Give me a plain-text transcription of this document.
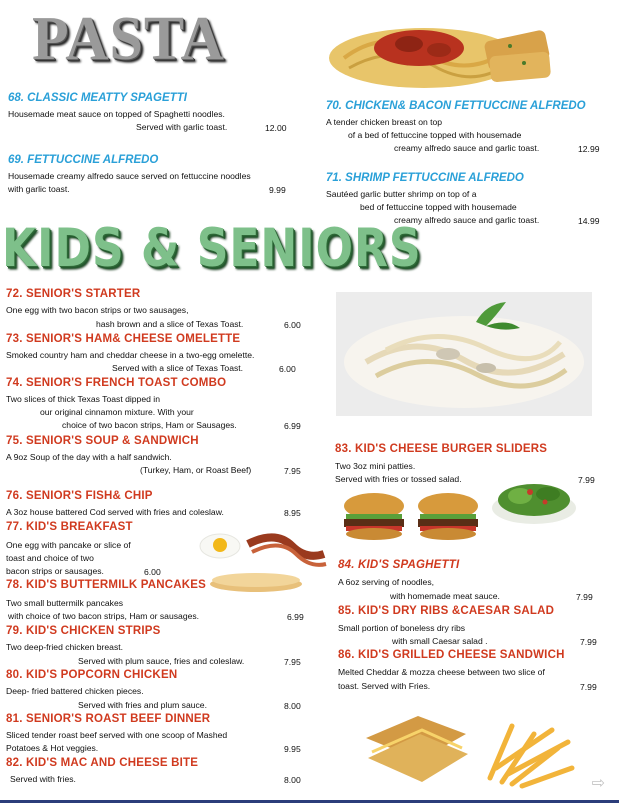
PASTA
KIDS & SENIORS
68. CLASSIC MEATTY SPAGETTI
Housemade meat sauce on topped of Spaghetti noodles.
Served with garlic toast.	12.00
69. FETTUCCINE ALFREDO
Housemade creamy alfredo sauce served on fettuccine noodles
with garlic toast.	9.99
70. CHICKEN& BACON FETTUCCINE ALFREDO
A tender chicken breast on top
of a bed of fettuccine topped with housemade
creamy alfredo sauce and garlic toast.	12.99
71. SHRIMP FETTUCCINE ALFREDO
Sautéed garlic butter shrimp on top of a
bed of fettuccine topped with housemade
creamy alfredo sauce and garlic toast.	14.99
72. SENIOR'S STARTER
One egg with two bacon strips or two sausages,
hash brown and a slice of Texas Toast.	6.00
73. SENIOR'S HAM& CHEESE OMELETTE
Smoked country ham and cheddar cheese in a two-egg omelette.
Served with a slice of Texas Toast.	6.00
74. SENIOR'S FRENCH TOAST COMBO
Two slices of thick Texas Toast dipped in
our original cinnamon mixture. With your
choice of two bacon strips, Ham or Sausages.	6.99
75. SENIOR'S SOUP & SANDWICH
A 9oz Soup of the day with a half sandwich.
(Turkey, Ham, or Roast Beef)	7.95
76. SENIOR'S FISH& CHIP
A 3oz house battered Cod served with fries and coleslaw.	8.95
77. KID'S BREAKFAST
One egg with pancake or slice of
toast and choice of two
bacon strips or sausages.	6.00
78. KID'S BUTTERMILK PANCAKES
Two small buttermilk pancakes
with choice of two bacon strips, Ham or sausages.	6.99
79. KID'S CHICKEN STRIPS
Two deep-fried chicken breast.
Served with plum sauce, fries and coleslaw.	7.95
80. KID'S POPCORN CHICKEN
Deep- fried battered chicken pieces.
Served with fries and plum sauce.	8.00
81. SENIOR'S ROAST BEEF DINNER
Sliced tender roast beef served with one scoop of Mashed
Potatoes & Hot veggies.	9.95
82. KID'S MAC AND CHEESE BITE
Served with fries.	8.00
83. KID'S CHEESE BURGER SLIDERS
Two 3oz mini patties.
Served with fries or tossed salad.	7.99
84. KID'S SPAGHETTI
A 6oz serving of noodles,
with homemade meat sauce.	7.99
85. KID'S DRY RIBS &CAESAR SALAD
Small portion of boneless dry ribs
with small Caesar salad .	7.99
86. KID'S GRILLED CHEESE SANDWICH
Melted Cheddar & mozza cheese between two slice of
toast. Served with Fries.	7.99
⇨
